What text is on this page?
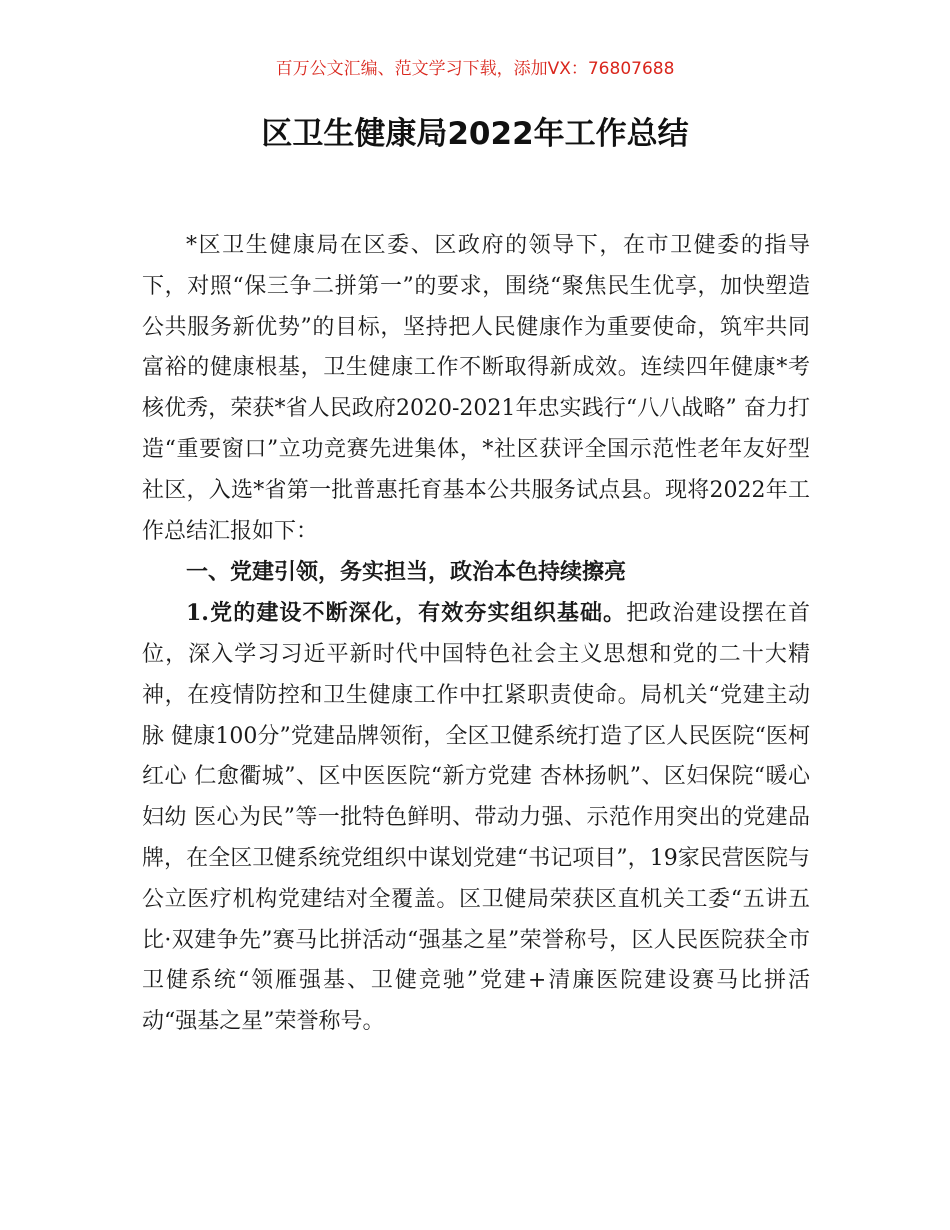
百万公文汇编、范文学习下载，添加VX：76807688
区卫生健康局2022年工作总结

*区卫生健康局在区委、区政府的领导下，在市卫健委的指导下，对照“保三争二拼第一”的要求，围绕“聚焦民生优享，加快塑造公共服务新优势”的目标，坚持把人民健康作为重要使命，筑牢共同富裕的健康根基，卫生健康工作不断取得新成效。连续四年健康*考核优秀，荣获*省人民政府2020-2021年忠实践行“八八战略” 奋力打造“重要窗口”立功竞赛先进集体，*社区获评全国示范性老年友好型社区，入选*省第一批普惠托育基本公共服务试点县。现将2022年工作总结汇报如下：

一、党建引领，务实担当，政治本色持续擦亮

1.党的建设不断深化，有效夯实组织基础。把政治建设摆在首位，深入学习习近平新时代中国特色社会主义思想和党的二十大精神，在疫情防控和卫生健康工作中扛紧职责使命。局机关“党建主动脉 健康100分”党建品牌领衔，全区卫健系统打造了区人民医院“医柯红心 仁愈衢城”、区中医医院“新方党建 杏林扬帆”、区妇保院“暖心妇幼 医心为民”等一批特色鲜明、带动力强、示范作用突出的党建品牌，在全区卫健系统党组织中谋划党建“书记项目”，19家民营医院与公立医疗机构党建结对全覆盖。区卫健局荣获区直机关工委“五讲五比·双建争先”赛马比拼活动“强基之星”荣誉称号，区人民医院获全市卫健系统“领雁强基、卫健竞驰”党建+清廉医院建设赛马比拼活动“强基之星”荣誉称号。
